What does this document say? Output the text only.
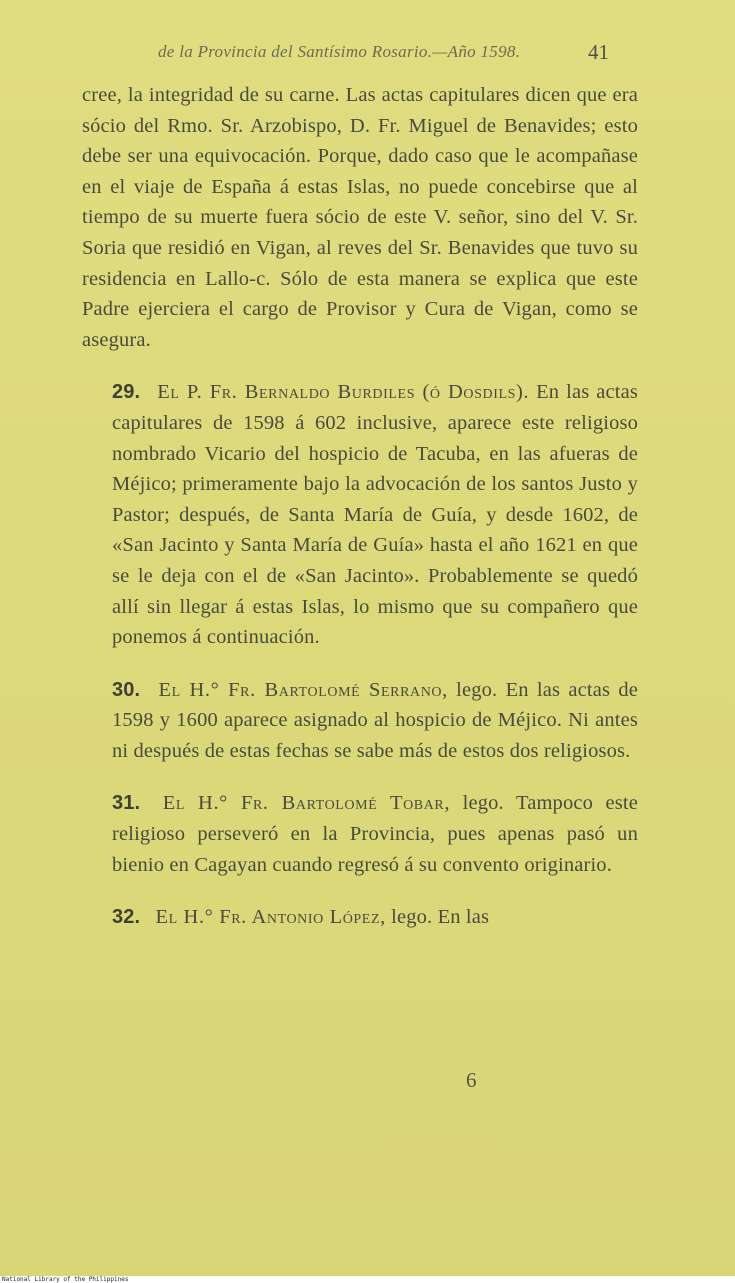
de la Provincia del Santísimo Rosario.—Año 1598.	41

cree, la integridad de su carne. Las actas capitulares dicen que era sócio del Rmo. Sr. Arzobispo, D. Fr. Miguel de Benavides; esto debe ser una equivocación. Porque, dado caso que le acompañase en el viaje de España á estas Islas, no puede concebirse que al tiempo de su muerte fuera sócio de este V. señor, sino del V. Sr. Soria que residió en Vigan, al reves del Sr. Benavides que tuvo su residencia en Lallo-c. Sólo de esta manera se explica que este Padre ejerciera el cargo de Provisor y Cura de Vigan, como se asegura.

29. El P. Fr. Bernaldo Burdiles (ó Dosdils). En las actas capitulares de 1598 á 602 inclusive, aparece este religioso nombrado Vicario del hospicio de Tacuba, en las afueras de Méjico; primeramente bajo la advocación de los santos Justo y Pastor; después, de Santa María de Guía, y desde 1602, de «San Jacinto y Santa María de Guía» hasta el año 1621 en que se le deja con el de «San Jacinto». Probablemente se quedó allí sin llegar á estas Islas, lo mismo que su compañero que ponemos á continuación.

30. El H.° Fr. Bartolomé Serrano, lego. En las actas de 1598 y 1600 aparece asignado al hospicio de Méjico. Ni antes ni después de estas fechas se sabe más de estos dos religiosos.

31. El H.° Fr. Bartolomé Tobar, lego. Tampoco este religioso perseveró en la Provincia, pues apenas pasó un bienio en Cagayan cuando regresó á su convento originario.

32. El H.° Fr. Antonio López, lego. En las

6
National Library of the Philippines
